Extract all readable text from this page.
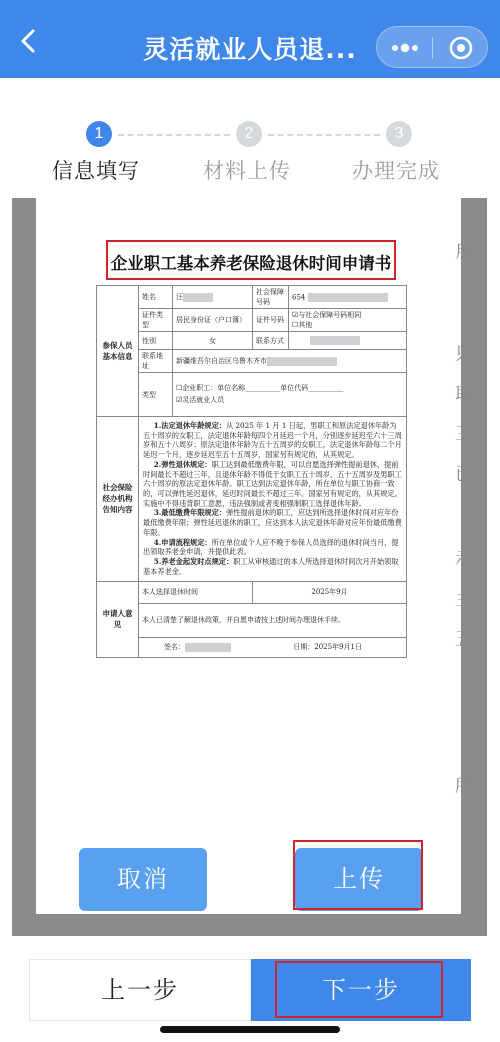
灵活就业人员退...
1	2	3
信息填写	材料上传	办理完成
用
只
取
三
已
示
主
五
所
企业职工基本养老保险退休时间申请书
参保人员基本信息	姓名	汪	社会保障号码	654
	证件类型	居民身份证（户口簿）	证件号码	☑与社会保障号码相同
☐其他

	性别	女	联系方式	
	联系地址	新疆维吾尔自治区乌鲁木齐市		
	类型	☐企业职工：单位名称__________单位代码__________
☑灵活就业人员		

社会保险经办机构告知内容	1.法定退休年龄规定：从 2025 年 1 月 1 日起，男职工和原法定退休年龄为五十周岁的女职工，法定退休年龄每四个月延迟一个月，分别逐步延迟至六十三周岁和五十八周岁；原法定退休年龄为五十五周岁的女职工，法定退休年龄每二个月延迟一个月，逐步延迟至五十五周岁，国家另有规定的，从其规定。

2.弹性退休规定：职工达到最低缴费年限，可以自愿选择弹性提前退休，提前时间最长不超过三年，且退休年龄不得低于女职工五十周岁、五十五周岁及男职工六十周岁的原法定退休年龄。职工达到法定退休年龄，所在单位与职工协商一致的，可以弹性延迟退休，延迟时间最长不超过三年。国家另有规定的，从其规定。实施中不得违背职工意愿，违法强制或者变相强制职工选择退休年龄。

3.最低缴费年限规定：弹性提前退休的职工，应达到所选择退休时间对应年份最低缴费年限；弹性延迟退休的职工，应达到本人法定退休年龄对应年份最低缴费年限。

4.申请流程规定：所在单位或个人应不晚于参保人员选择的退休时间当月，提出领取养老金申请，并提供此表。

5.养老金起发时点规定：职工从审核通过的本人所选择退休时间次月开始领取基本养老金。			

申请人意见	本人选择退休时间		2025年9月	
	本人已清楚了解退休政策，并自愿申请按上述时间办理退休手续。			
	签名： 日期：2025年9月1日			
取消	上传
上一步	下一步
